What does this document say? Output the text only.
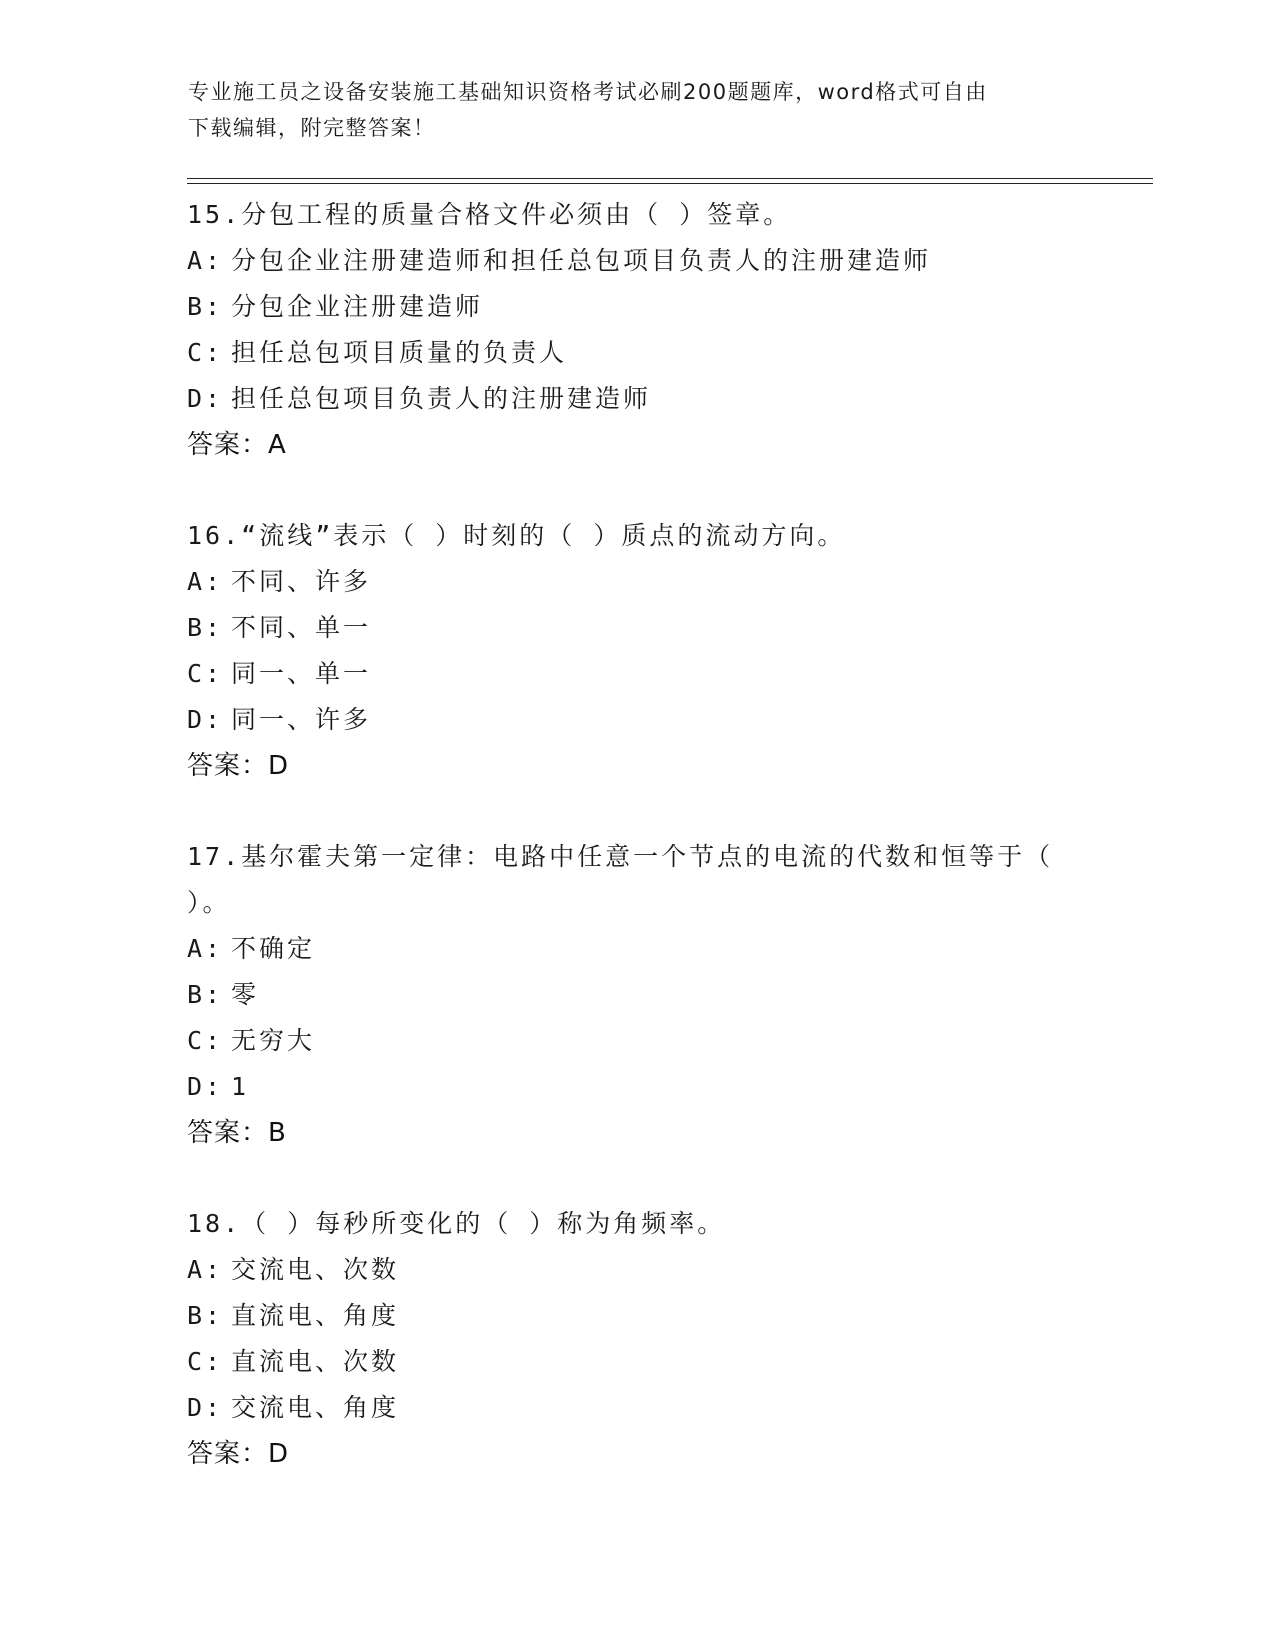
专业施工员之设备安装施工基础知识资格考试必刷200题题库，word格式可自由
下载编辑，附完整答案！

15.分包工程的质量合格文件必须由（ ）签章。

A: 分包企业注册建造师和担任总包项目负责人的注册建造师

B: 分包企业注册建造师

C: 担任总包项目质量的负责人

D: 担任总包项目负责人的注册建造师

答案：A

16.“流线”表示（ ）时刻的（ ）质点的流动方向。

A: 不同、许多

B: 不同、单一

C: 同一、单一

D: 同一、许多

答案：D

17.基尔霍夫第一定律：电路中任意一个节点的电流的代数和恒等于（ ）。

A: 不确定

B: 零

C: 无穷大

D: 1

答案：B

18.（ ）每秒所变化的（ ）称为角频率。

A: 交流电、次数

B: 直流电、角度

C: 直流电、次数

D: 交流电、角度

答案：D
